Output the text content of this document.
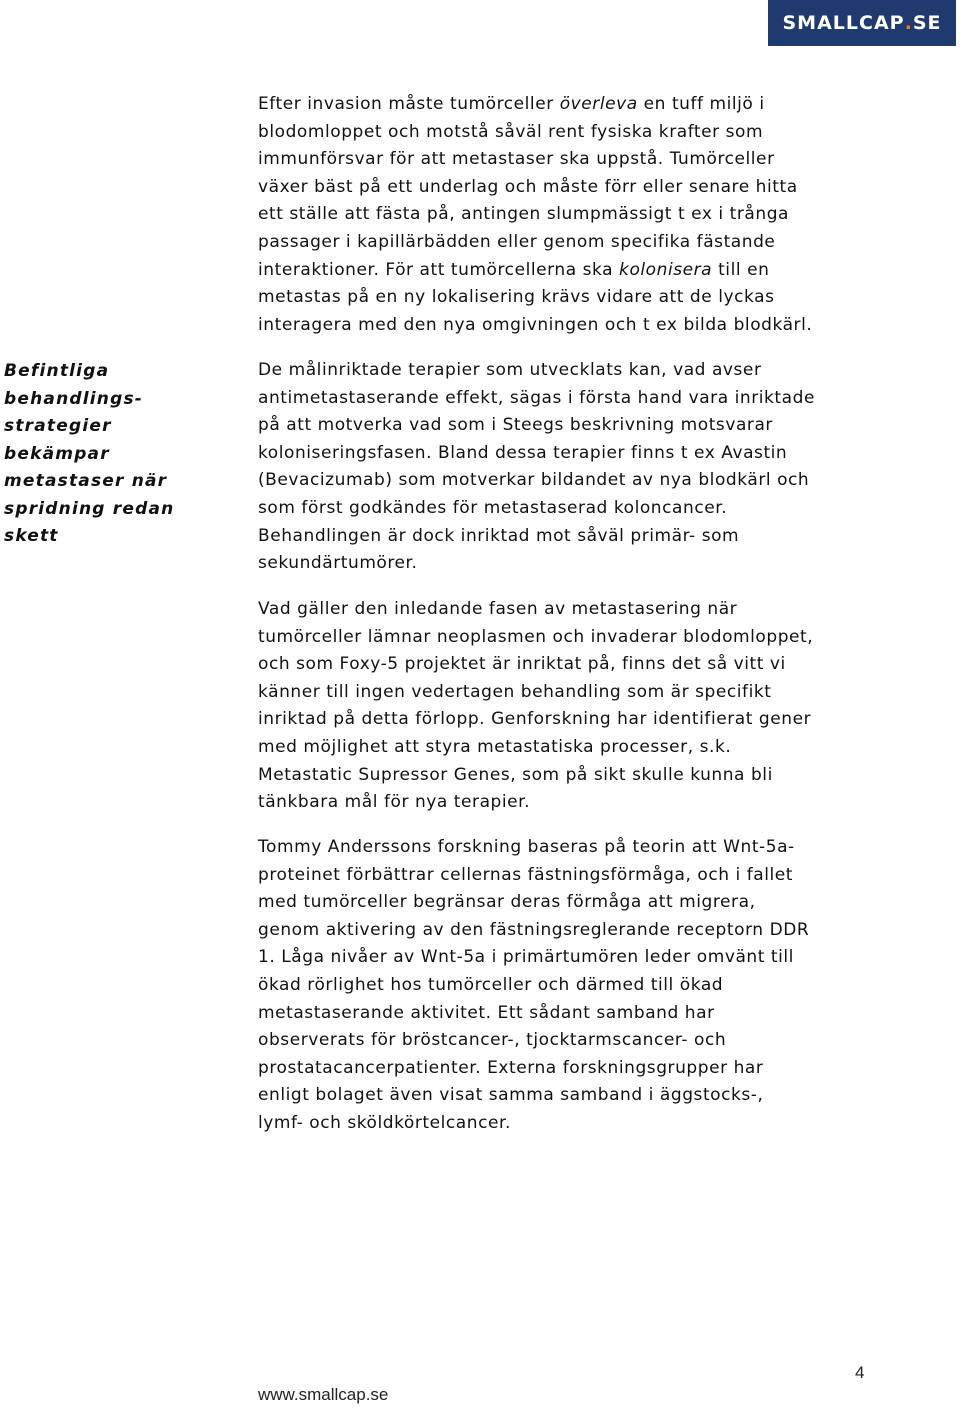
SMALLCAP . SE
Befintliga
behandlings-
strategier
bekämpar
metastaser när
spridning redan
skett

Efter invasion måste tumörceller överleva en tuff miljö i
blodomloppet och motstå såväl rent fysiska krafter som
immunförsvar för att metastaser ska uppstå. Tumörceller
växer bäst på ett underlag och måste förr eller senare hitta
ett ställe att fästa på, antingen slumpmässigt t ex i trånga
passager i kapillärbädden eller genom specifika fästande
interaktioner. För att tumörcellerna ska kolonisera till en
metastas på en ny lokalisering krävs vidare att de lyckas
interagera med den nya omgivningen och t ex bilda blodkärl.

De målinriktade terapier som utvecklats kan, vad avser
antimetastaserande effekt, sägas i första hand vara inriktade
på att motverka vad som i Steegs beskrivning motsvarar
koloniseringsfasen. Bland dessa terapier finns t ex Avastin
(Bevacizumab) som motverkar bildandet av nya blodkärl och
som först godkändes för metastaserad koloncancer.
Behandlingen är dock inriktad mot såväl primär- som
sekundärtumörer.

Vad gäller den inledande fasen av metastasering när
tumörceller lämnar neoplasmen och invaderar blodomloppet,
och som Foxy-5 projektet är inriktat på, finns det så vitt vi
känner till ingen vedertagen behandling som är specifikt
inriktad på detta förlopp. Genforskning har identifierat gener
med möjlighet att styra metastatiska processer, s.k.
Metastatic Supressor Genes, som på sikt skulle kunna bli
tänkbara mål för nya terapier.

Tommy Anderssons forskning baseras på teorin att Wnt-5a-
proteinet förbättrar cellernas fästningsförmåga, och i fallet
med tumörceller begränsar deras förmåga att migrera,
genom aktivering av den fästningsreglerande receptorn DDR
1. Låga nivåer av Wnt-5a i primärtumören leder omvänt till
ökad rörlighet hos tumörceller och därmed till ökad
metastaserande aktivitet. Ett sådant samband har
observerats för bröstcancer-, tjocktarmscancer- och
prostatacancerpatienter. Externa forskningsgrupper har
enligt bolaget även visat samma samband i äggstocks-,
lymf- och sköldkörtelcancer.

4
www.smallcap.se
